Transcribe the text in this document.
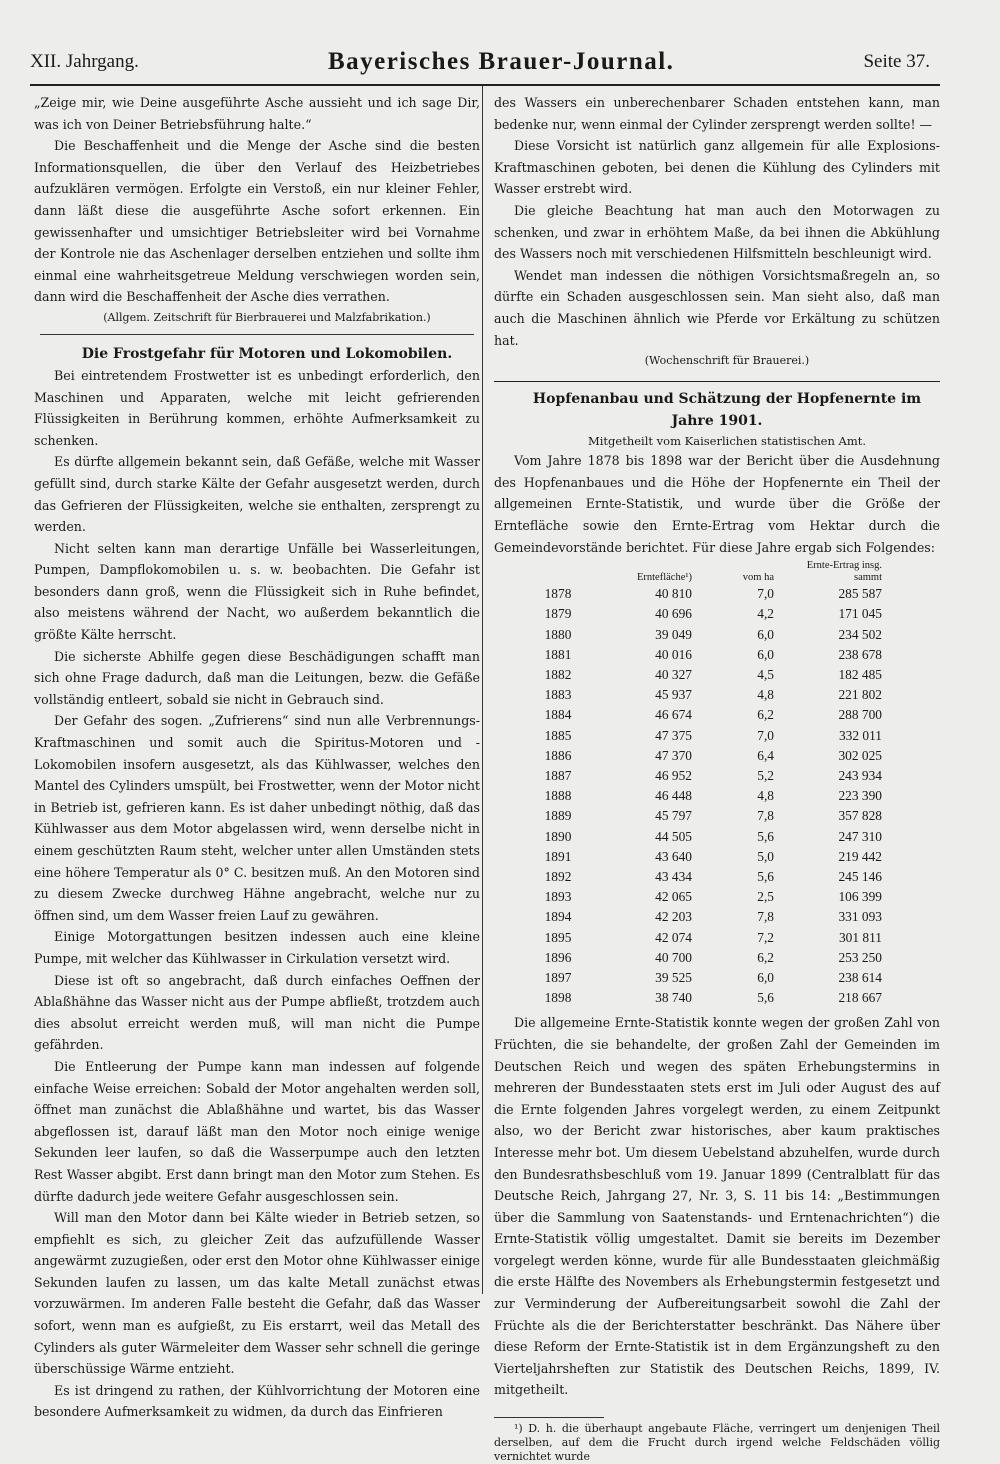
XII. Jahrgang.	Bayerisches Brauer-Journal.	Seite 37.

„Zeige mir, wie Deine ausgeführte Asche aussieht und ich sage Dir, was ich von Deiner Betriebsführung halte.“

Die Beschaffenheit und die Menge der Asche sind die besten Informationsquellen, die über den Verlauf des Heizbetriebes aufzuklären vermögen. Erfolgte ein Verstoß, ein nur kleiner Fehler, dann läßt diese die ausgeführte Asche sofort erkennen. Ein gewissenhafter und umsichtiger Betriebsleiter wird bei Vornahme der Kontrole nie das Aschenlager derselben entziehen und sollte ihm einmal eine wahrheitsgetreue Meldung verschwiegen worden sein, dann wird die Beschaffenheit der Asche dies verrathen.

(Allgem. Zeitschrift für Bierbrauerei und Malzfabrikation.)

Die Frostgefahr für Motoren und Lokomobilen.

Bei eintretendem Frostwetter ist es unbedingt erforderlich, den Maschinen und Apparaten, welche mit leicht gefrierenden Flüssigkeiten in Berührung kommen, erhöhte Aufmerksamkeit zu schenken.

Es dürfte allgemein bekannt sein, daß Gefäße, welche mit Wasser gefüllt sind, durch starke Kälte der Gefahr ausgesetzt werden, durch das Gefrieren der Flüssigkeiten, welche sie enthalten, zersprengt zu werden.

Nicht selten kann man derartige Unfälle bei Wasserleitungen, Pumpen, Dampflokomobilen u. s. w. beobachten. Die Gefahr ist besonders dann groß, wenn die Flüssigkeit sich in Ruhe befindet, also meistens während der Nacht, wo außerdem bekanntlich die größte Kälte herrscht.

Die sicherste Abhilfe gegen diese Beschädigungen schafft man sich ohne Frage dadurch, daß man die Leitungen, bezw. die Gefäße vollständig entleert, sobald sie nicht in Gebrauch sind.

Der Gefahr des sogen. „Zufrierens“ sind nun alle Verbrennungs-Kraftmaschinen und somit auch die Spiritus-Motoren und -Lokomobilen insofern ausgesetzt, als das Kühlwasser, welches den Mantel des Cylinders umspült, bei Frostwetter, wenn der Motor nicht in Betrieb ist, gefrieren kann. Es ist daher unbedingt nöthig, daß das Kühlwasser aus dem Motor abgelassen wird, wenn derselbe nicht in einem geschützten Raum steht, welcher unter allen Umständen stets eine höhere Temperatur als 0° C. besitzen muß. An den Motoren sind zu diesem Zwecke durchweg Hähne angebracht, welche nur zu öffnen sind, um dem Wasser freien Lauf zu gewähren.

Einige Motorgattungen besitzen indessen auch eine kleine Pumpe, mit welcher das Kühlwasser in Cirkulation versetzt wird.

Diese ist oft so angebracht, daß durch einfaches Oeffnen der Ablaßhähne das Wasser nicht aus der Pumpe abfließt, trotzdem auch dies absolut erreicht werden muß, will man nicht die Pumpe gefährden.

Die Entleerung der Pumpe kann man indessen auf folgende einfache Weise erreichen: Sobald der Motor angehalten werden soll, öffnet man zunächst die Ablaßhähne und wartet, bis das Wasser abgeflossen ist, darauf läßt man den Motor noch einige wenige Sekunden leer laufen, so daß die Wasserpumpe auch den letzten Rest Wasser abgibt. Erst dann bringt man den Motor zum Stehen. Es dürfte dadurch jede weitere Gefahr ausgeschlossen sein.

Will man den Motor dann bei Kälte wieder in Betrieb setzen, so empfiehlt es sich, zu gleicher Zeit das aufzufüllende Wasser angewärmt zuzugießen, oder erst den Motor ohne Kühlwasser einige Sekunden laufen zu lassen, um das kalte Metall zunächst etwas vorzuwärmen. Im anderen Falle besteht die Gefahr, daß das Wasser sofort, wenn man es aufgießt, zu Eis erstarrt, weil das Metall des Cylinders als guter Wärmeleiter dem Wasser sehr schnell die geringe überschüssige Wärme entzieht.

Es ist dringend zu rathen, der Kühlvorrichtung der Motoren eine besondere Aufmerksamkeit zu widmen, da durch das Einfrieren

des Wassers ein unberechenbarer Schaden entstehen kann, man bedenke nur, wenn einmal der Cylinder zersprengt werden sollte! —

Diese Vorsicht ist natürlich ganz allgemein für alle Explosions-Kraftmaschinen geboten, bei denen die Kühlung des Cylinders mit Wasser erstrebt wird.

Die gleiche Beachtung hat man auch den Motorwagen zu schenken, und zwar in erhöhtem Maße, da bei ihnen die Abkühlung des Wassers noch mit verschiedenen Hilfsmitteln beschleunigt wird.

Wendet man indessen die nöthigen Vorsichtsmaßregeln an, so dürfte ein Schaden ausgeschlossen sein. Man sieht also, daß man auch die Maschinen ähnlich wie Pferde vor Erkältung zu schützen hat.

(Wochenschrift für Brauerei.)

Hopfenanbau und Schätzung der Hopfenernte im Jahre 1901.

Mitgetheilt vom Kaiserlichen statistischen Amt.

Vom Jahre 1878 bis 1898 war der Bericht über die Ausdehnung des Hopfenanbaues und die Höhe der Hopfenernte ein Theil der allgemeinen Ernte-Statistik, und wurde über die Größe der Erntefläche sowie den Ernte-Ertrag vom Hektar durch die Gemeindevorstände berichtet. Für diese Jahre ergab sich Folgendes:

	Erntefläche¹)	vom ha	Ernte-Ertrag insg. sammt
1878	40 810	7,0	285 587
1879	40 696	4,2	171 045
1880	39 049	6,0	234 502
1881	40 016	6,0	238 678
1882	40 327	4,5	182 485
1883	45 937	4,8	221 802
1884	46 674	6,2	288 700
1885	47 375	7,0	332 011
1886	47 370	6,4	302 025
1887	46 952	5,2	243 934
1888	46 448	4,8	223 390
1889	45 797	7,8	357 828
1890	44 505	5,6	247 310
1891	43 640	5,0	219 442
1892	43 434	5,6	245 146
1893	42 065	2,5	106 399
1894	42 203	7,8	331 093
1895	42 074	7,2	301 811
1896	40 700	6,2	253 250
1897	39 525	6,0	238 614
1898	38 740	5,6	218 667

Die allgemeine Ernte-Statistik konnte wegen der großen Zahl von Früchten, die sie behandelte, der großen Zahl der Gemeinden im Deutschen Reich und wegen des späten Erhebungstermins in mehreren der Bundesstaaten stets erst im Juli oder August des auf die Ernte folgenden Jahres vorgelegt werden, zu einem Zeitpunkt also, wo der Bericht zwar historisches, aber kaum praktisches Interesse mehr bot. Um diesem Uebelstand abzuhelfen, wurde durch den Bundesrathsbeschluß vom 19. Januar 1899 (Centralblatt für das Deutsche Reich, Jahrgang 27, Nr. 3, S. 11 bis 14: „Bestimmungen über die Sammlung von Saatenstands- und Erntenachrichten“) die Ernte-Statistik völlig umgestaltet. Damit sie bereits im Dezember vorgelegt werden könne, wurde für alle Bundesstaaten gleichmäßig die erste Hälfte des Novembers als Erhebungstermin festgesetzt und zur Verminderung der Aufbereitungsarbeit sowohl die Zahl der Früchte als die der Berichterstatter beschränkt. Das Nähere über diese Reform der Ernte-Statistik ist in dem Ergänzungsheft zu den Vierteljahrsheften zur Statistik des Deutschen Reichs, 1899, IV. mitgetheilt.

¹) D. h. die überhaupt angebaute Fläche, verringert um denjenigen Theil derselben, auf dem die Frucht durch irgend welche Feldschäden völlig vernichtet wurde
